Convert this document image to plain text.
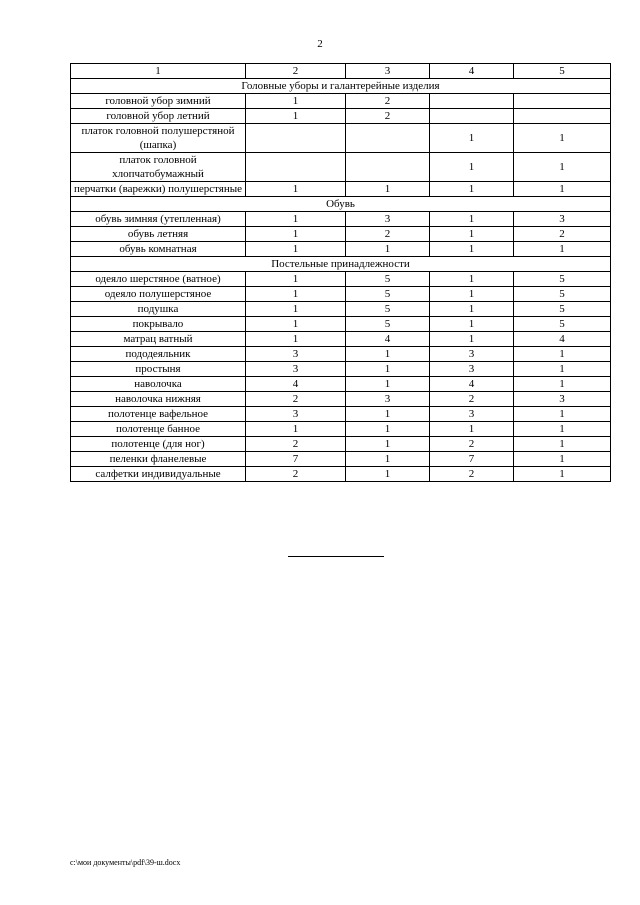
2
1	2	3	4	5
Головные уборы и галантерейные изделия				
головной убор зимний	1	2		
головной убор летний	1	2		
платок головной полушерстяной (шапка)			1	1
платок головной хлопчатобумажный			1	1
перчатки (варежки) полушерстяные	1	1	1	1
Обувь				
обувь зимняя (утепленная)	1	3	1	3
обувь летняя	1	2	1	2
обувь комнатная	1	1	1	1
Постельные принадлежности				
одеяло шерстяное (ватное)	1	5	1	5
одеяло полушерстяное	1	5	1	5
подушка	1	5	1	5
покрывало	1	5	1	5
матрац ватный	1	4	1	4
пододеяльник	3	1	3	1
простыня	3	1	3	1
наволочка	4	1	4	1
наволочка нижняя	2	3	2	3
полотенце вафельное	3	1	3	1
полотенце банное	1	1	1	1
полотенце (для ног)	2	1	2	1
пеленки фланелевые	7	1	7	1
салфетки индивидуальные	2	1	2	1
c:\мои документы\pdf\39-ш.docx
